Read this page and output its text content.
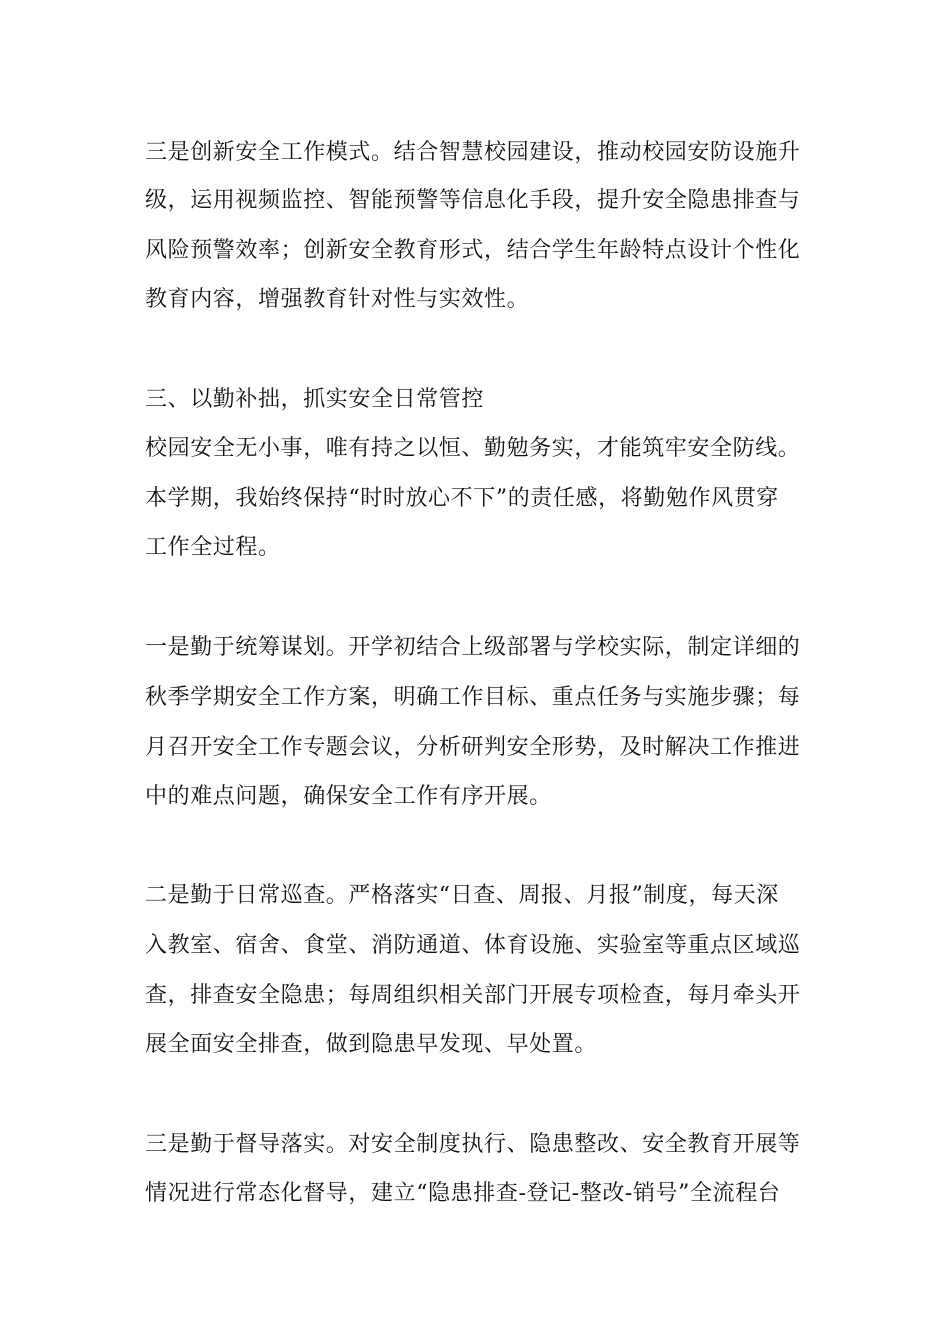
三是创新安全工作模式。结合智慧校园建设，推动校园安防设施升
级，运用视频监控、智能预警等信息化手段，提升安全隐患排查与
风险预警效率；创新安全教育形式，结合学生年龄特点设计个性化
教育内容，增强教育针对性与实效性。
三、以勤补拙，抓实安全日常管控
校园安全无小事，唯有持之以恒、勤勉务实，才能筑牢安全防线。
本学期，我始终保持“时时放心不下”的责任感，将勤勉作风贯穿
工作全过程。
一是勤于统筹谋划。开学初结合上级部署与学校实际，制定详细的
秋季学期安全工作方案，明确工作目标、重点任务与实施步骤；每
月召开安全工作专题会议，分析研判安全形势，及时解决工作推进
中的难点问题，确保安全工作有序开展。
二是勤于日常巡查。严格落实“日查、周报、月报”制度，每天深
入教室、宿舍、食堂、消防通道、体育设施、实验室等重点区域巡
查，排查安全隐患；每周组织相关部门开展专项检查，每月牵头开
展全面安全排查，做到隐患早发现、早处置。
三是勤于督导落实。对安全制度执行、隐患整改、安全教育开展等
情况进行常态化督导，建立“隐患排查-登记-整改-销号”全流程台
